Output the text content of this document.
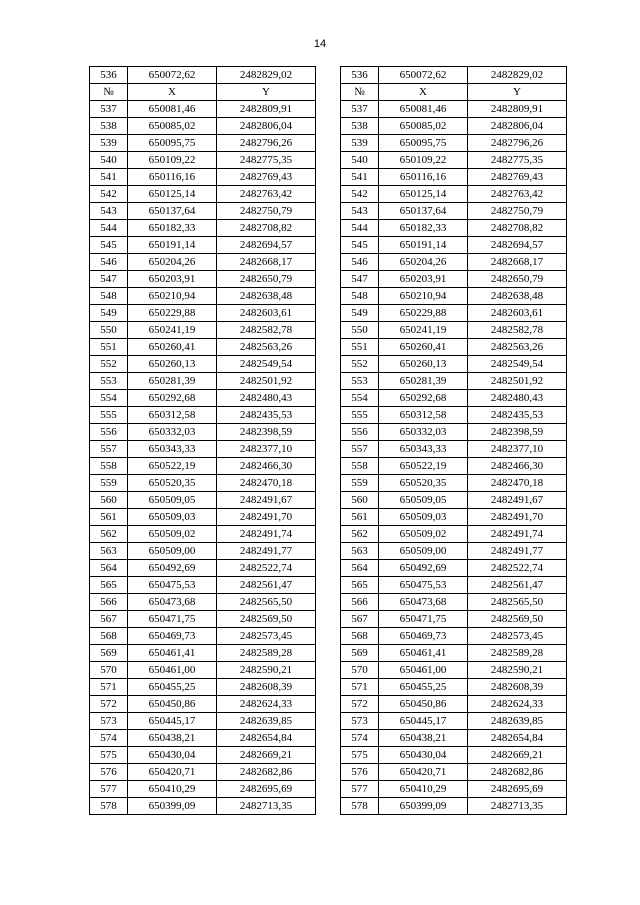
14
536	650072,62	2482829,02		536	650072,62	2482829,02
№	X	Y		№	X	Y
537	650081,46	2482809,91		537	650081,46	2482809,91
538	650085,02	2482806,04		538	650085,02	2482806,04
539	650095,75	2482796,26		539	650095,75	2482796,26
540	650109,22	2482775,35		540	650109,22	2482775,35
541	650116,16	2482769,43		541	650116,16	2482769,43
542	650125,14	2482763,42		542	650125,14	2482763,42
543	650137,64	2482750,79		543	650137,64	2482750,79
544	650182,33	2482708,82		544	650182,33	2482708,82
545	650191,14	2482694,57		545	650191,14	2482694,57
546	650204,26	2482668,17		546	650204,26	2482668,17
547	650203,91	2482650,79		547	650203,91	2482650,79
548	650210,94	2482638,48		548	650210,94	2482638,48
549	650229,88	2482603,61		549	650229,88	2482603,61
550	650241,19	2482582,78		550	650241,19	2482582,78
551	650260,41	2482563,26		551	650260,41	2482563,26
552	650260,13	2482549,54		552	650260,13	2482549,54
553	650281,39	2482501,92		553	650281,39	2482501,92
554	650292,68	2482480,43		554	650292,68	2482480,43
555	650312,58	2482435,53		555	650312,58	2482435,53
556	650332,03	2482398,59		556	650332,03	2482398,59
557	650343,33	2482377,10		557	650343,33	2482377,10
558	650522,19	2482466,30		558	650522,19	2482466,30
559	650520,35	2482470,18		559	650520,35	2482470,18
560	650509,05	2482491,67		560	650509,05	2482491,67
561	650509,03	2482491,70		561	650509,03	2482491,70
562	650509,02	2482491,74		562	650509,02	2482491,74
563	650509,00	2482491,77		563	650509,00	2482491,77
564	650492,69	2482522,74		564	650492,69	2482522,74
565	650475,53	2482561,47		565	650475,53	2482561,47
566	650473,68	2482565,50		566	650473,68	2482565,50
567	650471,75	2482569,50		567	650471,75	2482569,50
568	650469,73	2482573,45		568	650469,73	2482573,45
569	650461,41	2482589,28		569	650461,41	2482589,28
570	650461,00	2482590,21		570	650461,00	2482590,21
571	650455,25	2482608,39		571	650455,25	2482608,39
572	650450,86	2482624,33		572	650450,86	2482624,33
573	650445,17	2482639,85		573	650445,17	2482639,85
574	650438,21	2482654,84		574	650438,21	2482654,84
575	650430,04	2482669,21		575	650430,04	2482669,21
576	650420,71	2482682,86		576	650420,71	2482682,86
577	650410,29	2482695,69		577	650410,29	2482695,69
578	650399,09	2482713,35		578	650399,09	2482713,35
